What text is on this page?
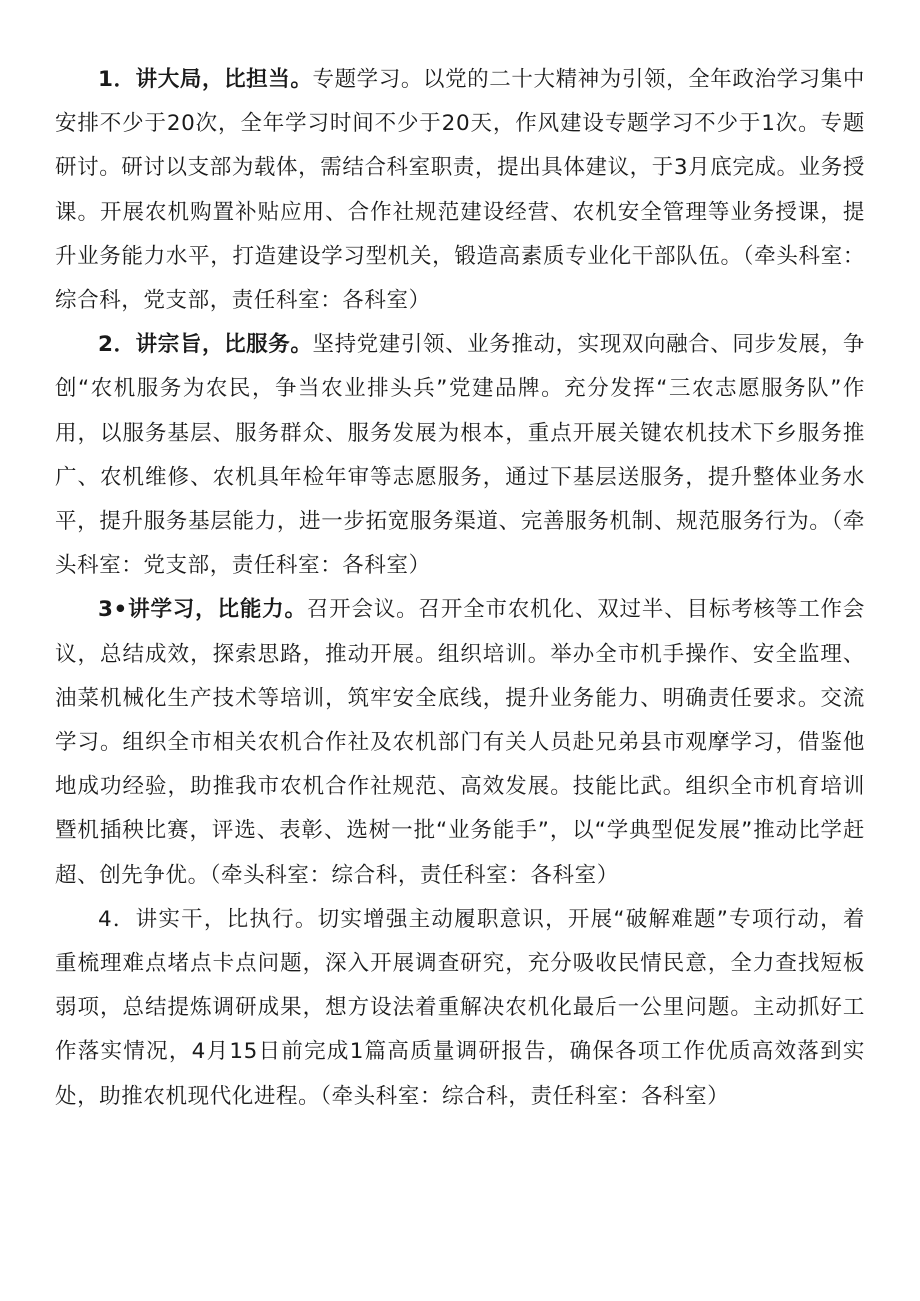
1．讲大局，比担当。专题学习。以党的二十大精神为引领，全年政治学习集中安排不少于20次，全年学习时间不少于20天，作风建设专题学习不少于1次。专题研讨。研讨以支部为载体，需结合科室职责，提出具体建议，于3月底完成。业务授课。开展农机购置补贴应用、合作社规范建设经营、农机安全管理等业务授课，提升业务能力水平，打造建设学习型机关，锻造高素质专业化干部队伍。（牵头科室：综合科，党支部，责任科室：各科室）

2．讲宗旨，比服务。坚持党建引领、业务推动，实现双向融合、同步发展，争创“农机服务为农民，争当农业排头兵”党建品牌。充分发挥“三农志愿服务队”作用，以服务基层、服务群众、服务发展为根本，重点开展关键农机技术下乡服务推广、农机维修、农机具年检年审等志愿服务，通过下基层送服务，提升整体业务水平，提升服务基层能力，进一步拓宽服务渠道、完善服务机制、规范服务行为。（牵头科室：党支部，责任科室：各科室）

3•讲学习，比能力。召开会议。召开全市农机化、双过半、目标考核等工作会议，总结成效，探索思路，推动开展。组织培训。举办全市机手操作、安全监理、油菜机械化生产技术等培训，筑牢安全底线，提升业务能力、明确责任要求。交流学习。组织全市相关农机合作社及农机部门有关人员赴兄弟县市观摩学习，借鉴他地成功经验，助推我市农机合作社规范、高效发展。技能比武。组织全市机育培训暨机插秧比赛，评选、表彰、选树一批“业务能手”，以“学典型促发展”推动比学赶超、创先争优。（牵头科室：综合科，责任科室：各科室）

4．讲实干，比执行。切实增强主动履职意识，开展“破解难题”专项行动，着重梳理难点堵点卡点问题，深入开展调查研究，充分吸收民情民意，全力查找短板弱项，总结提炼调研成果，想方设法着重解决农机化最后一公里问题。主动抓好工作落实情况，4月15日前完成1篇高质量调研报告，确保各项工作优质高效落到实处，助推农机现代化进程。（牵头科室：综合科，责任科室：各科室）
